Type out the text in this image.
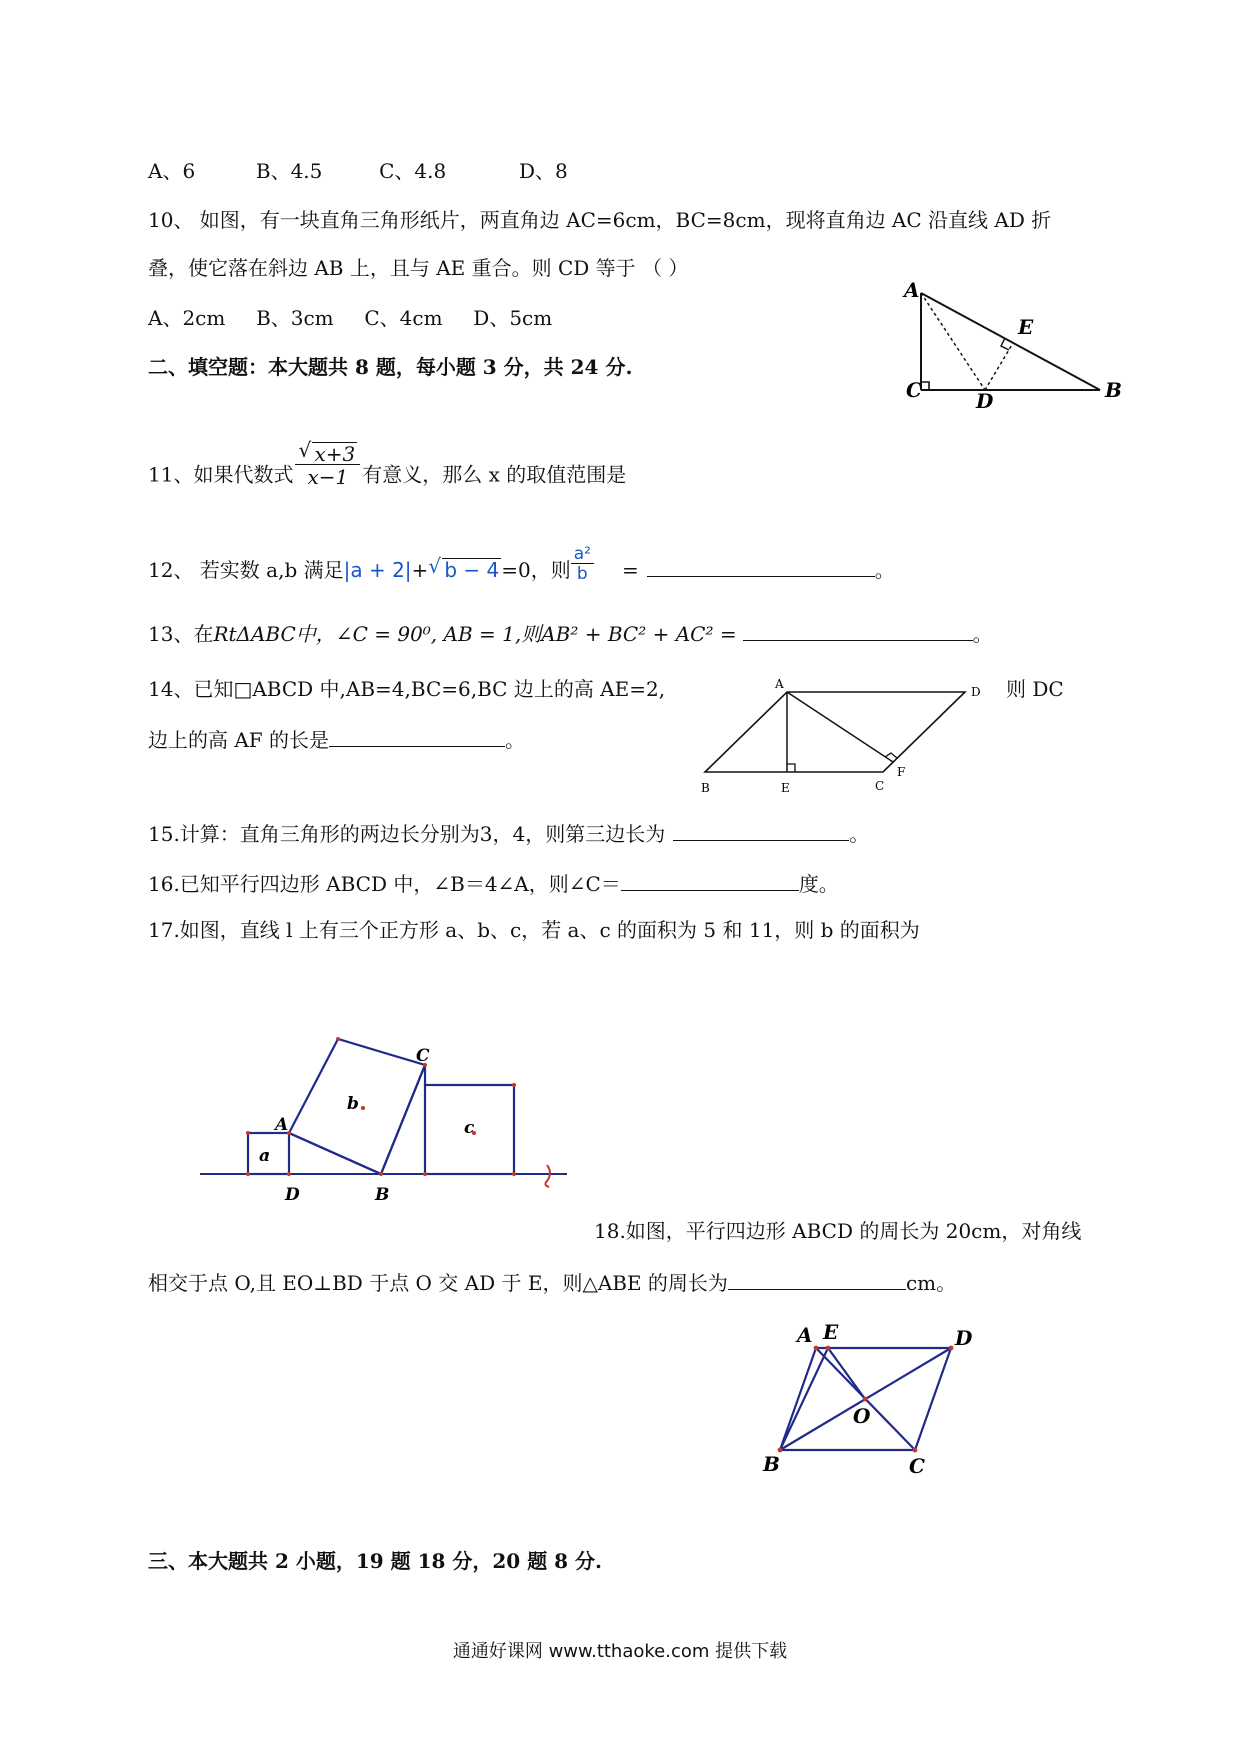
A、6	B、4.5	C、4.8	D、8
10、 如图，有一块直角三角形纸片，两直角边 AC=6cm，BC=8cm，现将直角边 AC 沿直线 AD 折
叠，使它落在斜边 AB 上，且与 AE 重合。则 CD 等于 （ ）
A、2cm B、3cm C、4cm D、5cm
A
E
C	D	B
二、填空题：本大题共 8 题，每小题 3 分，共 24 分.
11、如果代数式 $\frac{√ x+3}{x-1}$ 有意义，那么 x 的取值范围是
12、 若实数 a,b 满足|a + 2|+ √ b − 4 =0，则 $\frac{\text{a²}}{b}$ =	。
13、在RtΔABC中，∠C = 90⁰, AB = 1,则AB² + BC² + AC² =	。
14、已知□ABCD 中,AB=4,BC=6,BC 边上的高 AE=2,	则 DC
边上的高 AF 的长是	。
A
D
B	E	C
F
15.计算：直角三角形的两边长分别为3，4，则第三边长为	。
16.已知平行四边形 ABCD 中，∠B＝4∠A，则∠C＝	度。
17.如图，直线 l 上有三个正方形 a、b、c，若 a、c 的面积为 5 和 11，则 b 的面积为
a
b
c
A
C
D	B
18.如图，平行四边形 ABCD 的周长为 20cm，对角线
相交于点 O,且 EO⊥BD 于点 O 交 AD 于 E，则△ABE 的周长为	cm。
A E	D
O
B	C
三、本大题共 2 小题，19 题 18 分，20 题 8 分.
通通好课网 www.tthaoke.com 提供下载
